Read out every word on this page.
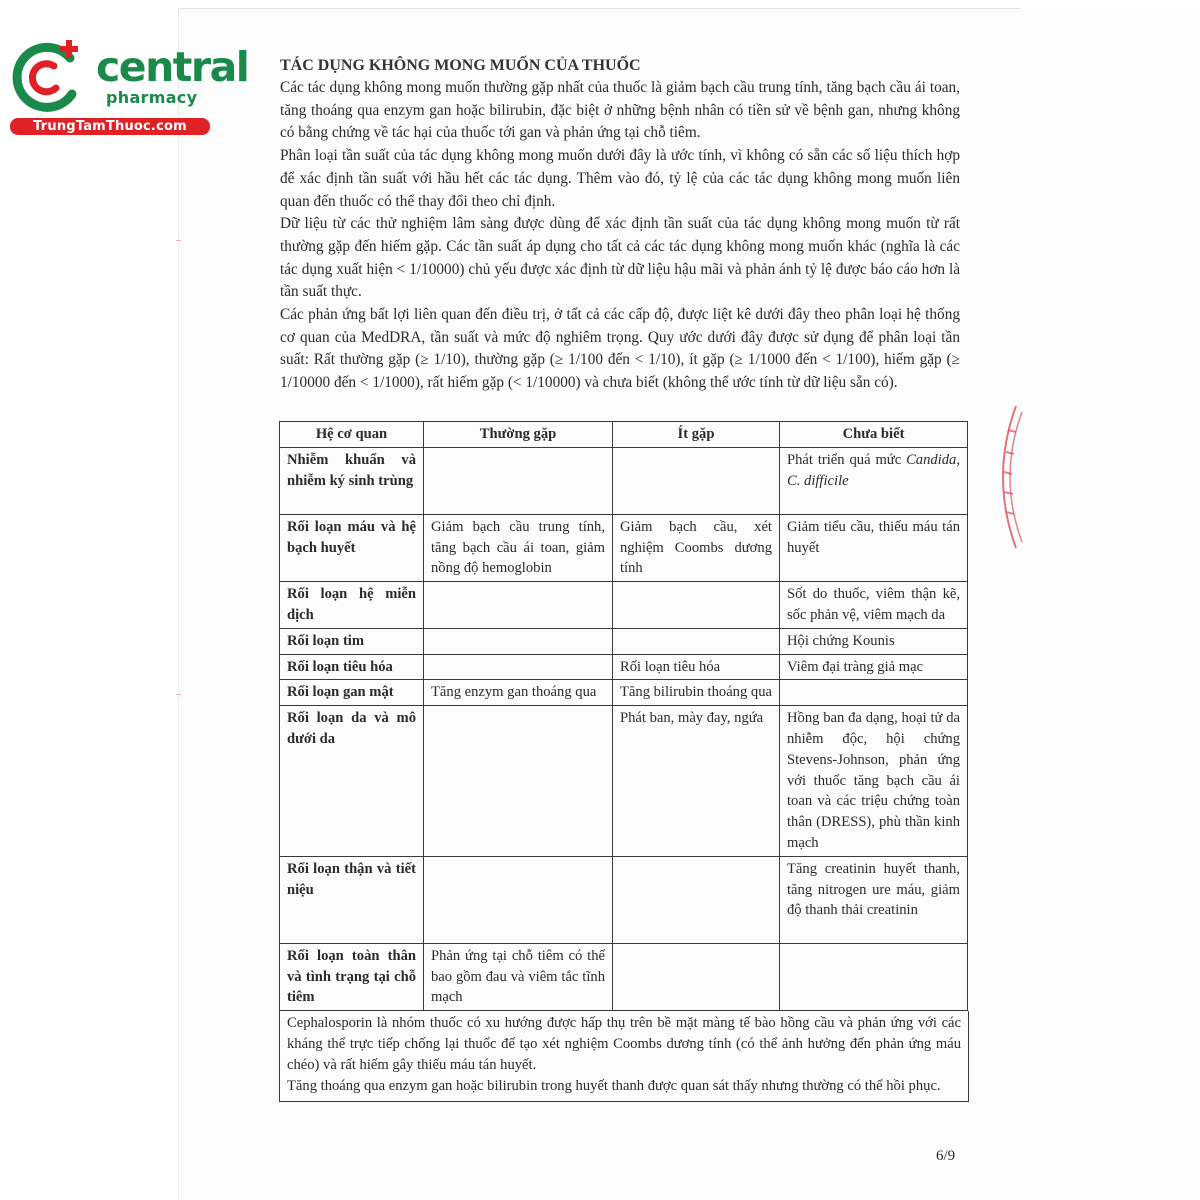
central
pharmacy
TrungTamThuoc.com

TÁC DỤNG KHÔNG MONG MUỐN CỦA THUỐC

Các tác dụng không mong muốn thường gặp nhất của thuốc là giảm bạch cầu trung tính, tăng bạch cầu ái toan, tăng thoáng qua enzym gan hoặc bilirubin, đặc biệt ở những bệnh nhân có tiền sử về bệnh gan, nhưng không có bằng chứng về tác hại của thuốc tới gan và phản ứng tại chỗ tiêm.

Phân loại tần suất của tác dụng không mong muốn dưới đây là ước tính, vì không có sẵn các số liệu thích hợp để xác định tần suất với hầu hết các tác dụng. Thêm vào đó, tỷ lệ của các tác dụng không mong muốn liên quan đến thuốc có thể thay đổi theo chỉ định.

Dữ liệu từ các thử nghiệm lâm sàng được dùng để xác định tần suất của tác dụng không mong muốn từ rất thường gặp đến hiếm gặp. Các tần suất áp dụng cho tất cả các tác dụng không mong muốn khác (nghĩa là các tác dụng xuất hiện < 1/10000) chủ yếu được xác định từ dữ liệu hậu mãi và phản ánh tỷ lệ được báo cáo hơn là tần suất thực.

Các phản ứng bất lợi liên quan đến điều trị, ở tất cả các cấp độ, được liệt kê dưới đây theo phân loại hệ thống cơ quan của MedDRA, tần suất và mức độ nghiêm trọng. Quy ước dưới đây được sử dụng để phân loại tần suất: Rất thường gặp (≥ 1/10), thường gặp (≥ 1/100 đến < 1/10), ít gặp (≥ 1/1000 đến < 1/100), hiếm gặp (≥ 1/10000 đến < 1/1000), rất hiếm gặp (< 1/10000) và chưa biết (không thể ước tính từ dữ liệu sẵn có).

Hệ cơ quan	Thường gặp	Ít gặp	Chưa biết
Nhiễm khuẩn và nhiễm ký sinh trùng			Phát triển quá mức Candida, C. difficile
Rối loạn máu và hệ bạch huyết	Giảm bạch cầu trung tính, tăng bạch cầu ái toan, giảm nồng độ hemoglobin	Giảm bạch cầu, xét nghiệm Coombs dương tính	Giảm tiểu cầu, thiếu máu tán huyết
Rối loạn hệ miễn dịch			Sốt do thuốc, viêm thận kẽ, sốc phản vệ, viêm mạch da
Rối loạn tim			Hội chứng Kounis
Rối loạn tiêu hóa		Rối loạn tiêu hóa	Viêm đại tràng giả mạc
Rối loạn gan mật	Tăng enzym gan thoáng qua	Tăng bilirubin thoáng qua	
Rối loạn da và mô dưới da		Phát ban, mày đay, ngứa	Hồng ban đa dạng, hoại tử da nhiễm độc, hội chứng Stevens-Johnson, phản ứng với thuốc tăng bạch cầu ái toan và các triệu chứng toàn thân (DRESS), phù thần kinh mạch
Rối loạn thận và tiết niệu			Tăng creatinin huyết thanh, tăng nitrogen ure máu, giảm độ thanh thải creatinin
Rối loạn toàn thân và tình trạng tại chỗ tiêm	Phản ứng tại chỗ tiêm có thể bao gồm đau và viêm tắc tĩnh mạch		

Cephalosporin là nhóm thuốc có xu hướng được hấp thụ trên bề mặt màng tế bào hồng cầu và phản ứng với các kháng thể trực tiếp chống lại thuốc để tạo xét nghiệm Coombs dương tính (có thể ảnh hưởng đến phản ứng máu chéo) và rất hiếm gây thiếu máu tán huyết.

Tăng thoáng qua enzym gan hoặc bilirubin trong huyết thanh được quan sát thấy nhưng thường có thể hồi phục.

6/9
